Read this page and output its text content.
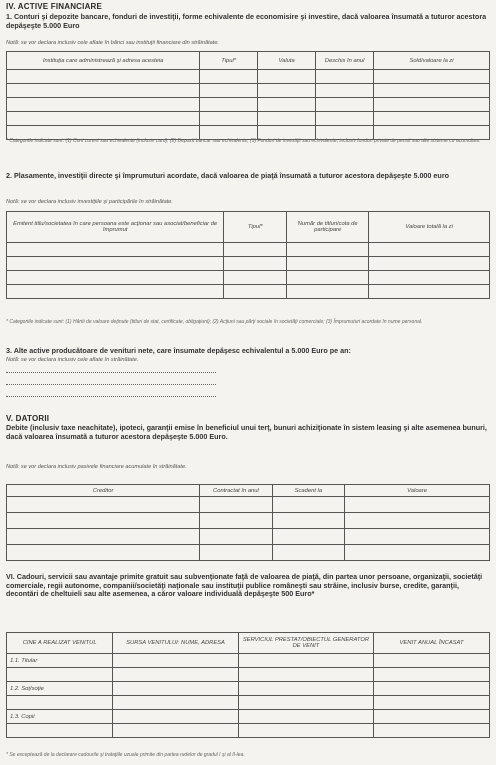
IV. ACTIVE FINANCIARE
1. Conturi şi depozite bancare, fonduri de investiţii, forme echivalente de economisire şi investire, dacă valoarea însumată a tuturor acestora depăşeşte 5.000 Euro
Notă: se vor declara inclusiv cele aflate în bănci sau instituţii financiare din străinătate.
Instituţia care administrează şi adresa acesteia	Tipul*	Valuta	Deschis în anul	Sold/valoare la zi

* Categoriile indicate sunt: (1) Cont curent sau echivalente (inclusiv card); (2) Depozit bancar sau echivalente; (3) Fonduri de investiţii sau echivalente, inclusiv fonduri private de pensii sau alte sisteme cu acumulare.
2. Plasamente, investiţii directe şi împrumuturi acordate, dacă valoarea de piaţă însumată a tuturor acestora depăşeşte 5.000 euro
Notă: se vor declara inclusiv investiţiile şi participările în străinătate.
Emitent titlu/societatea în care persoana este acţionar sau asociat/beneficiar de împrumut	Tipul*	Număr de titluri/cota de participare	Valoare totală la zi

* Categoriile indicate sunt: (1) Hârtii de valoare deţinute (titluri de stat, certificate, obligaţiuni); (2) Acţiuni sau părţi sociale în societăţi comerciale; (3) Împrumuturi acordate în nume personal.
3. Alte active producătoare de venituri nete, care însumate depăşesc echivalentul a 5.000 Euro pe an:
Notă: se vor declara inclusiv cele aflate în străinătate.
V. DATORII
Debite (inclusiv taxe neachitate), ipoteci, garanţii emise în beneficiul unui terţ, bunuri achiziţionate în sistem leasing şi alte asemenea bunuri, dacă valoarea însumată a tuturor acestora depăşeşte 5.000 Euro.
Notă: se vor declara inclusiv pasivele financiare acumulate în străinătate.
Creditor	Contractat în anul	Scadent la	Valoare

VI. Cadouri, servicii sau avantaje primite gratuit sau subvenţionate faţă de valoarea de piaţă, din partea unor persoane, organizaţii, societăţi comerciale, regii autonome, companii/societăţi naţionale sau instituţii publice româneşti sau străine, inclusiv burse, credite, garanţii, decontări de cheltuieli sau alte asemenea, a căror valoare individuală depăşeşte 500 Euro*
CINE A REALIZAT VENITUL	SURSA VENITULUI: NUME, ADRESA	SERVICIUL PRESTAT/OBIECTUL GENERATOR DE VENIT	VENIT ANUAL ÎNCASAT
1.1. Titular			

1.2. Soţ/soţie			

1.3. Copii			

* Se exceptează de la declarare cadourile şi trataţiile uzuale primite din partea rudelor de gradul I şi al II-lea.
